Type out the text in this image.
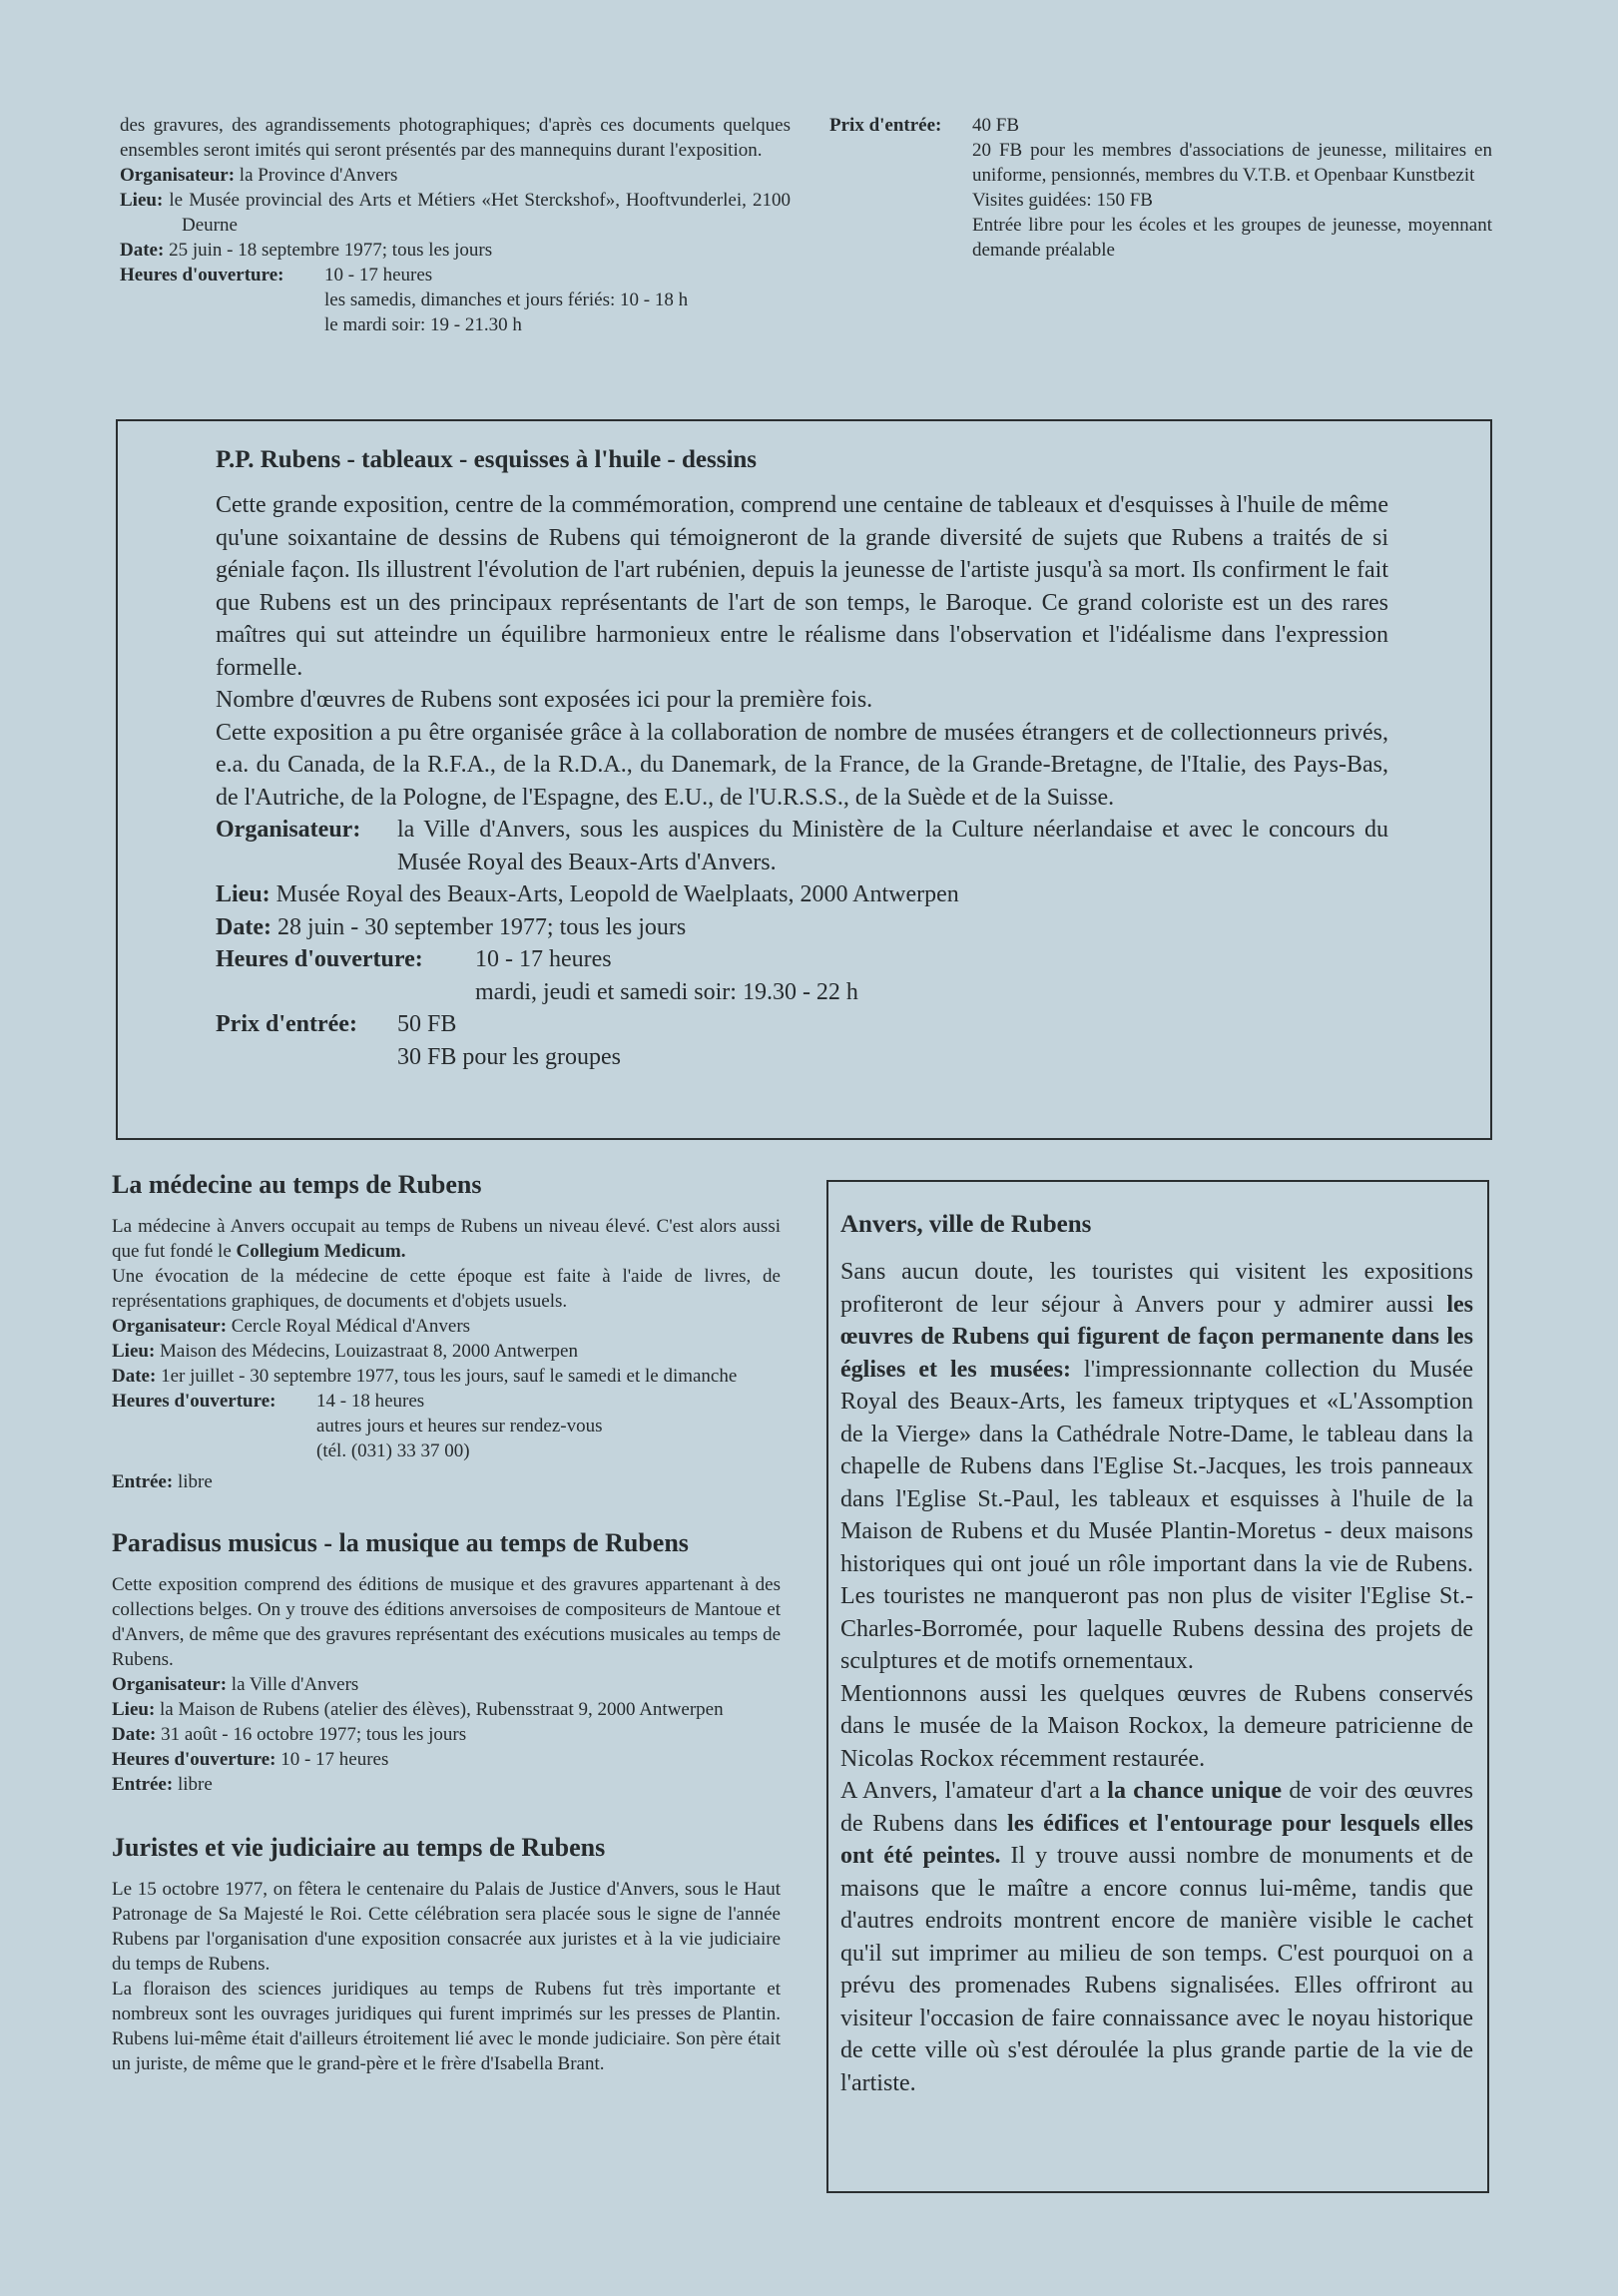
des gravures, des agrandissements photographiques; d'après ces documents quelques ensembles seront imités qui seront présentés par des mannequins durant l'exposition.

Organisateur: la Province d'Anvers

Lieu: le Musée provincial des Arts et Métiers «Het Sterckshof», Hooftvunderlei, 2100 Deurne

Date: 25 juin - 18 septembre 1977; tous les jours

Heures d'ouverture:	10 - 17 heures
les samedis, dimanches et jours fériés: 10 - 18 h
le mardi soir: 19 - 21.30 h
Prix d'entrée:	40 FB
20 FB pour les membres d'associations de jeunesse, militaires en uniforme, pensionnés, membres du V.T.B. et Openbaar Kunstbezit
Visites guidées: 150 FB
Entrée libre pour les écoles et les groupes de jeunesse, moyennant demande préalable

P.P. Rubens - tableaux - esquisses à l'huile - dessins

Cette grande exposition, centre de la commémoration, comprend une centaine de tableaux et d'esquisses à l'huile de même qu'une soixantaine de dessins de Rubens qui témoigneront de la grande diversité de sujets que Rubens a traités de si géniale façon. Ils illustrent l'évolution de l'art rubénien, depuis la jeunesse de l'artiste jusqu'à sa mort. Ils confirment le fait que Rubens est un des principaux représentants de l'art de son temps, le Baroque. Ce grand coloriste est un des rares maîtres qui sut atteindre un équilibre harmonieux entre le réalisme dans l'observation et l'idéalisme dans l'expression formelle.

Nombre d'œuvres de Rubens sont exposées ici pour la première fois.

Cette exposition a pu être organisée grâce à la collaboration de nombre de musées étrangers et de collectionneurs privés, e.a. du Canada, de la R.F.A., de la R.D.A., du Danemark, de la France, de la Grande-Bretagne, de l'Italie, des Pays-Bas, de l'Autriche, de la Pologne, de l'Espagne, des E.U., de l'U.R.S.S., de la Suède et de la Suisse.

Organisateur:	la Ville d'Anvers, sous les auspices du Ministère de la Culture néerlandaise et avec le concours du Musée Royal des Beaux-Arts d'Anvers.

Lieu: Musée Royal des Beaux-Arts, Leopold de Waelplaats, 2000 Antwerpen

Date: 28 juin - 30 september 1977; tous les jours

Heures d'ouverture:	10 - 17 heures
mardi, jeudi et samedi soir: 19.30 - 22 h
Prix d'entrée:	50 FB
30 FB pour les groupes

La médecine au temps de Rubens

La médecine à Anvers occupait au temps de Rubens un niveau élevé. C'est alors aussi que fut fondé le Collegium Medicum.

Une évocation de la médecine de cette époque est faite à l'aide de livres, de représentations graphiques, de documents et d'objets usuels.

Organisateur: Cercle Royal Médical d'Anvers

Lieu: Maison des Médecins, Louizastraat 8, 2000 Antwerpen

Date: 1er juillet - 30 septembre 1977, tous les jours, sauf le samedi et le dimanche

Heures d'ouverture:	14 - 18 heures
autres jours et heures sur rendez-vous
(tél. (031) 33 37 00)

Entrée: libre

Paradisus musicus - la musique au temps de Rubens

Cette exposition comprend des éditions de musique et des gravures appartenant à des collections belges. On y trouve des éditions anversoises de compositeurs de Mantoue et d'Anvers, de même que des gravures représentant des exécutions musicales au temps de Rubens.

Organisateur: la Ville d'Anvers

Lieu: la Maison de Rubens (atelier des élèves), Rubensstraat 9, 2000 Antwerpen

Date: 31 août - 16 octobre 1977; tous les jours

Heures d'ouverture: 10 - 17 heures

Entrée: libre

Juristes et vie judiciaire au temps de Rubens

Le 15 octobre 1977, on fêtera le centenaire du Palais de Justice d'Anvers, sous le Haut Patronage de Sa Majesté le Roi. Cette célébration sera placée sous le signe de l'année Rubens par l'organisation d'une exposition consacrée aux juristes et à la vie judiciaire du temps de Rubens.

La floraison des sciences juridiques au temps de Rubens fut très importante et nombreux sont les ouvrages juridiques qui furent imprimés sur les presses de Plantin. Rubens lui-même était d'ailleurs étroitement lié avec le monde judiciaire. Son père était un juriste, de même que le grand-père et le frère d'Isabella Brant.

Anvers, ville de Rubens

Sans aucun doute, les touristes qui visitent les expositions profiteront de leur séjour à Anvers pour y admirer aussi les œuvres de Rubens qui figurent de façon permanente dans les églises et les musées: l'impressionnante collection du Musée Royal des Beaux-Arts, les fameux triptyques et «L'Assomption de la Vierge» dans la Cathédrale Notre-Dame, le tableau dans la chapelle de Rubens dans l'Eglise St.-Jacques, les trois panneaux dans l'Eglise St.-Paul, les tableaux et esquisses à l'huile de la Maison de Rubens et du Musée Plantin-Moretus - deux maisons historiques qui ont joué un rôle important dans la vie de Rubens. Les touristes ne manqueront pas non plus de visiter l'Eglise St.-Charles-Borromée, pour laquelle Rubens dessina des projets de sculptures et de motifs ornementaux.

Mentionnons aussi les quelques œuvres de Rubens conservés dans le musée de la Maison Rockox, la demeure patricienne de Nicolas Rockox récemment restaurée.

A Anvers, l'amateur d'art a la chance unique de voir des œuvres de Rubens dans les édifices et l'entourage pour lesquels elles ont été peintes. Il y trouve aussi nombre de monuments et de maisons que le maître a encore connus lui-même, tandis que d'autres endroits montrent encore de manière visible le cachet qu'il sut imprimer au milieu de son temps. C'est pourquoi on a prévu des promenades Rubens signalisées. Elles offriront au visiteur l'occasion de faire connaissance avec le noyau historique de cette ville où s'est déroulée la plus grande partie de la vie de l'artiste.
